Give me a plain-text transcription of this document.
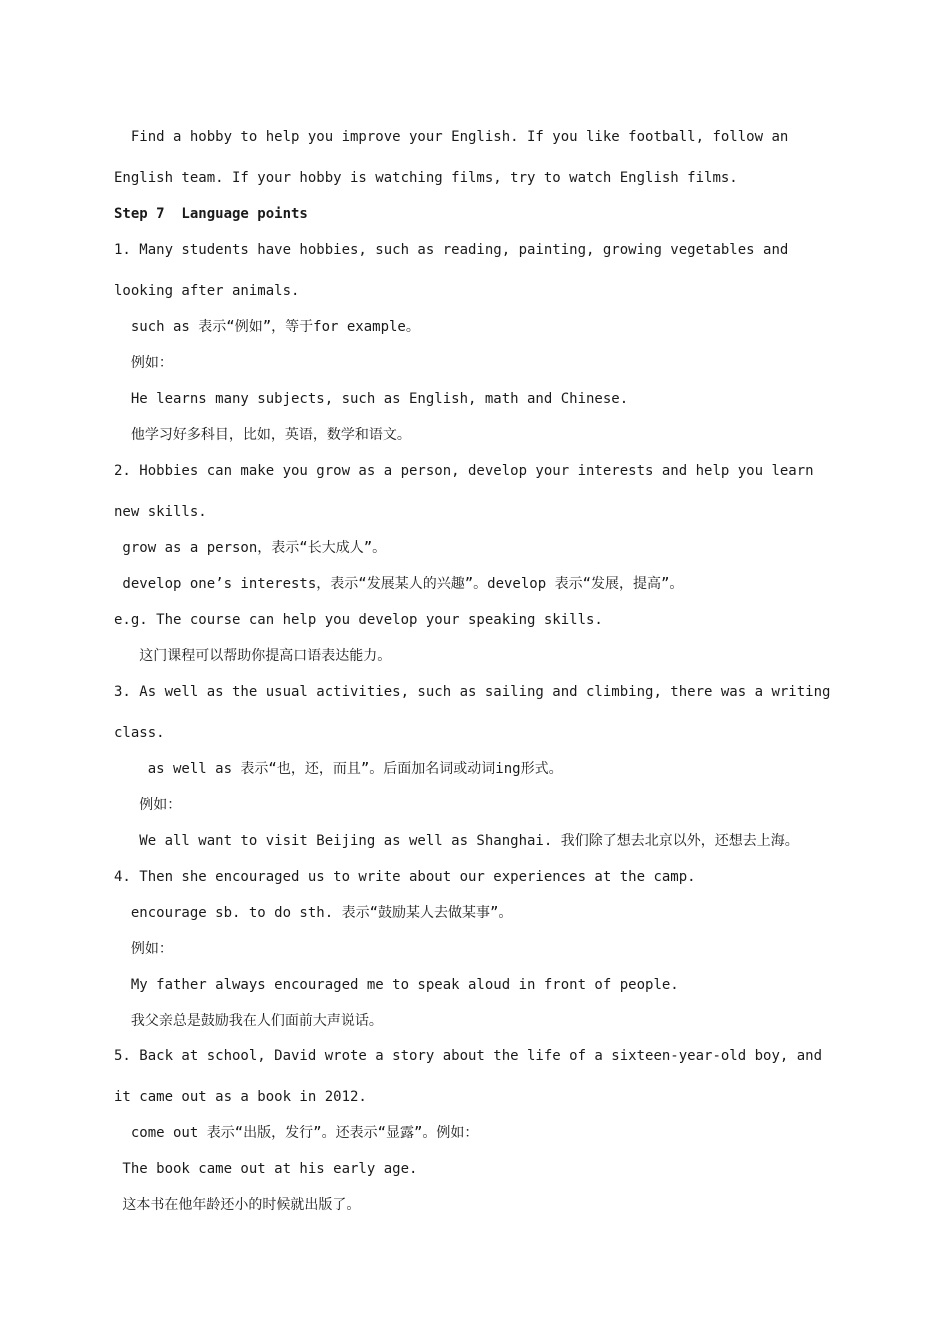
Find a hobby to help you improve your English. If you like football, follow an
English team. If your hobby is watching films, try to watch English films.
Step 7  Language points
1. Many students have hobbies, such as reading, painting, growing vegetables and
looking after animals.
such as 表示“例如”，等于for example。
例如：
He learns many subjects, such as English, math and Chinese.
他学习好多科目，比如，英语，数学和语文。
2. Hobbies can make you grow as a person, develop your interests and help you learn
new skills.
grow as a person，表示“长大成人”。
develop one’s interests，表示“发展某人的兴趣”。develop 表示“发展，提高”。
e.g. The course can help you develop your speaking skills.
这门课程可以帮助你提高口语表达能力。
3. As well as the usual activities, such as sailing and climbing, there was a writing
class.
as well as 表示“也，还，而且”。后面加名词或动词ing形式。
例如：
We all want to visit Beijing as well as Shanghai. 我们除了想去北京以外，还想去上海。
4. Then she encouraged us to write about our experiences at the camp.
encourage sb. to do sth. 表示“鼓励某人去做某事”。
例如：
My father always encouraged me to speak aloud in front of people.
我父亲总是鼓励我在人们面前大声说话。
5. Back at school, David wrote a story about the life of a sixteen-year-old boy, and
it came out as a book in 2012.
come out 表示“出版，发行”。还表示“显露”。例如：
The book came out at his early age.
这本书在他年龄还小的时候就出版了。
